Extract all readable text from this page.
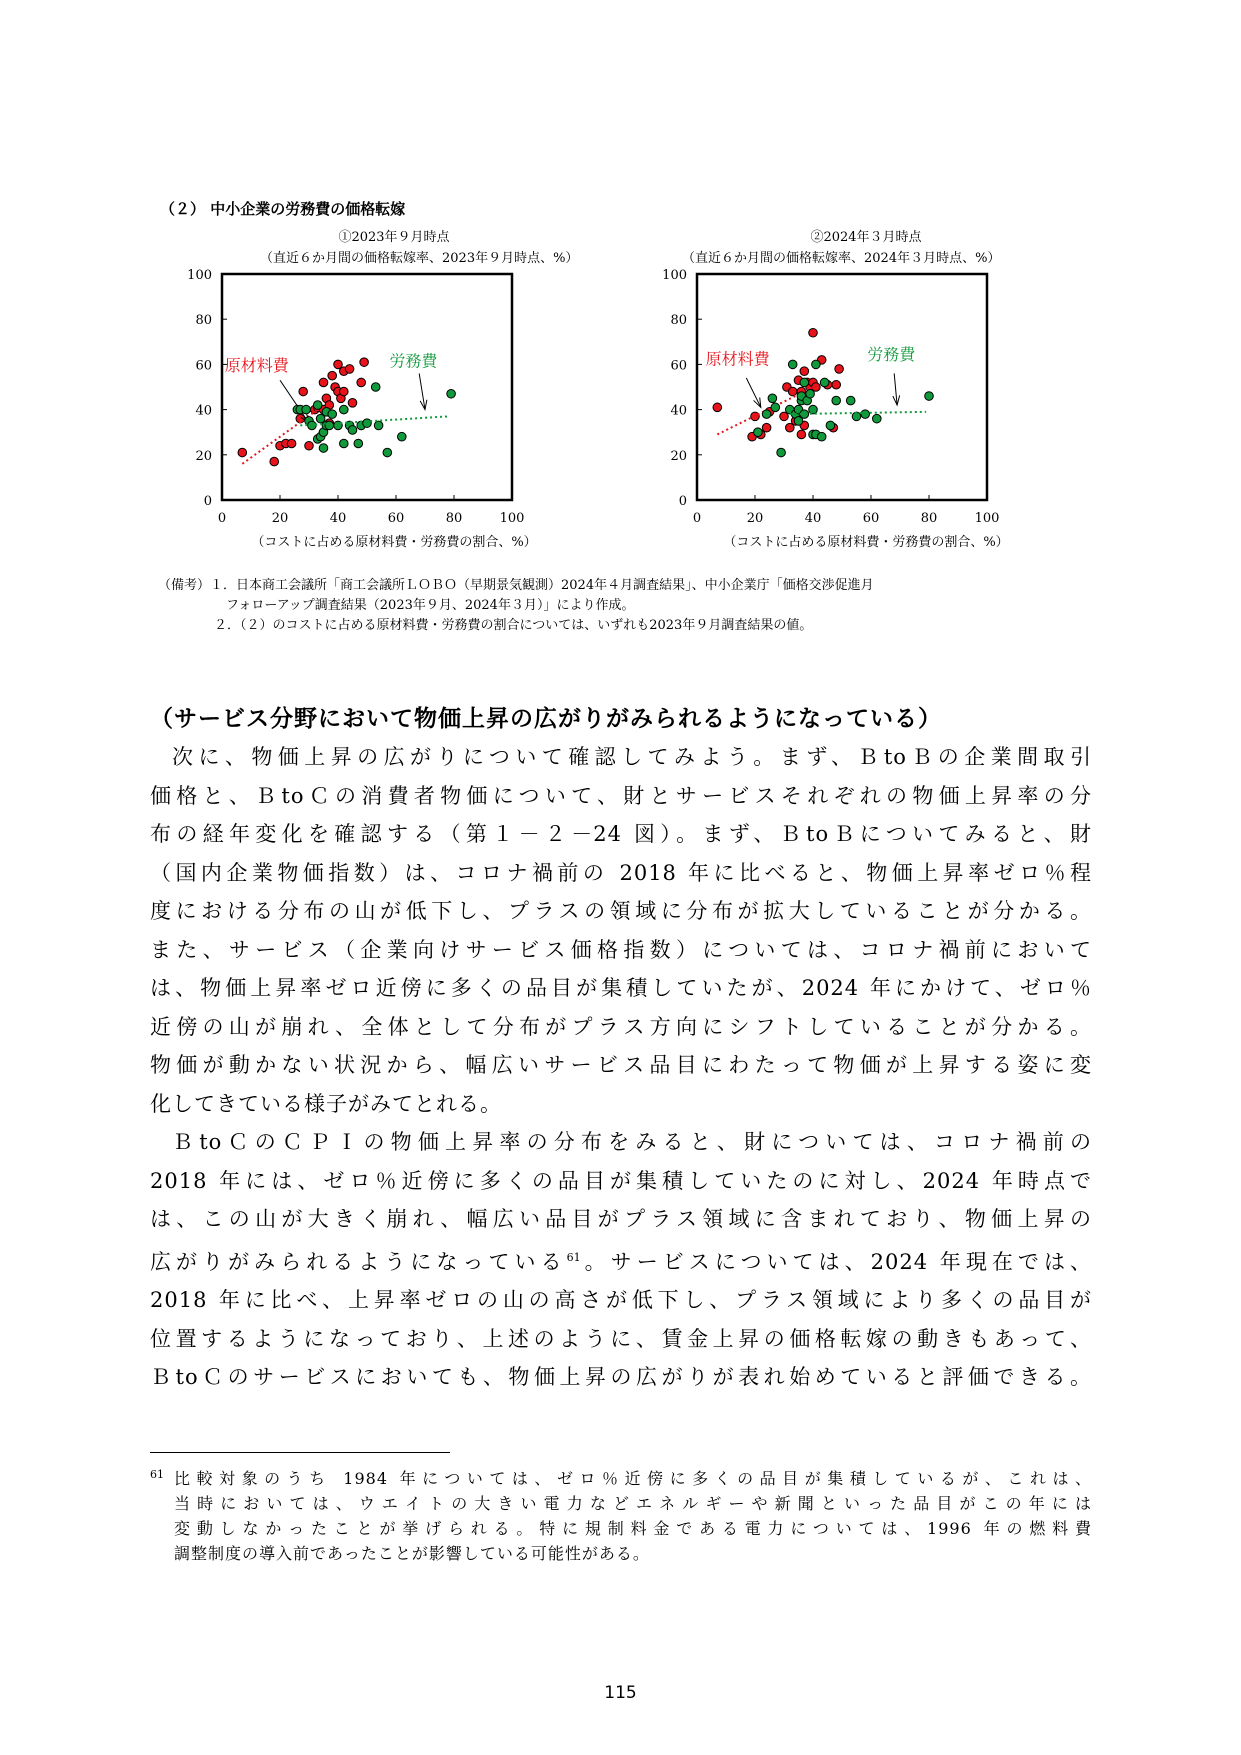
（２） 中小企業の労務費の価格転嫁
①2023年９月時点
（直近６か月間の価格転嫁率、2023年９月時点、%）
0
20
40
60
80
100
0	20	40	60	80	100
原材料費	労務費
（コストに占める原材料費・労務費の割合、%）
②2024年３月時点
（直近６か月間の価格転嫁率、2024年３月時点、%）
0
20
40
60
80
100
0	20	40	60	80	100
原材料費	労務費
（コストに占める原材料費・労務費の割合、%）
（備考）１．日本商工会議所「商工会議所ＬＯＢＯ（早期景気観測）2024年４月調査結果」、中小企業庁「価格交渉促進月
フォローアップ調査結果（2023年９月、2024年３月）」により作成。
２．（２）のコストに占める原材料費・労務費の割合については、いずれも2023年９月調査結果の値。
（サービス分野において物価上昇の広がりがみられるようになっている）

次に、物価上昇の広がりについて確認してみよう。まず、ＢtoＢの企業間取引

価格と、ＢtoＣの消費者物価について、財とサービスそれぞれの物価上昇率の分

布の経年変化を確認する（第１－２－24 図）。まず、ＢtoＢについてみると、財

（国内企業物価指数）は、コロナ禍前の 2018 年に比べると、物価上昇率ゼロ％程

度における分布の山が低下し、プラスの領域に分布が拡大していることが分かる。

また、サービス（企業向けサービス価格指数）については、コロナ禍前において

は、物価上昇率ゼロ近傍に多くの品目が集積していたが、2024 年にかけて、ゼロ％

近傍の山が崩れ、全体として分布がプラス方向にシフトしていることが分かる。

物価が動かない状況から、幅広いサービス品目にわたって物価が上昇する姿に変

化してきている様子がみてとれる。

ＢtoＣのＣＰＩの物価上昇率の分布をみると、財については、コロナ禍前の

2018 年には、ゼロ％近傍に多くの品目が集積していたのに対し、2024 年時点で

は、この山が大きく崩れ、幅広い品目がプラス領域に含まれており、物価上昇の

広がりがみられるようになっている$^{61}$。サービスについては、2024 年現在では、

2018 年に比べ、上昇率ゼロの山の高さが低下し、プラス領域により多くの品目が

位置するようになっており、上述のように、賃金上昇の価格転嫁の動きもあって、

ＢtoＣのサービスにおいても、物価上昇の広がりが表れ始めていると評価できる。

61 比較対象のうち 1984 年については、ゼロ％近傍に多くの品目が集積しているが、これは、
当時においては、ウエイトの大きい電力などエネルギーや新聞といった品目がこの年には
変動しなかったことが挙げられる。特に規制料金である電力については、1996 年の燃料費
調整制度の導入前であったことが影響している可能性がある。
115
